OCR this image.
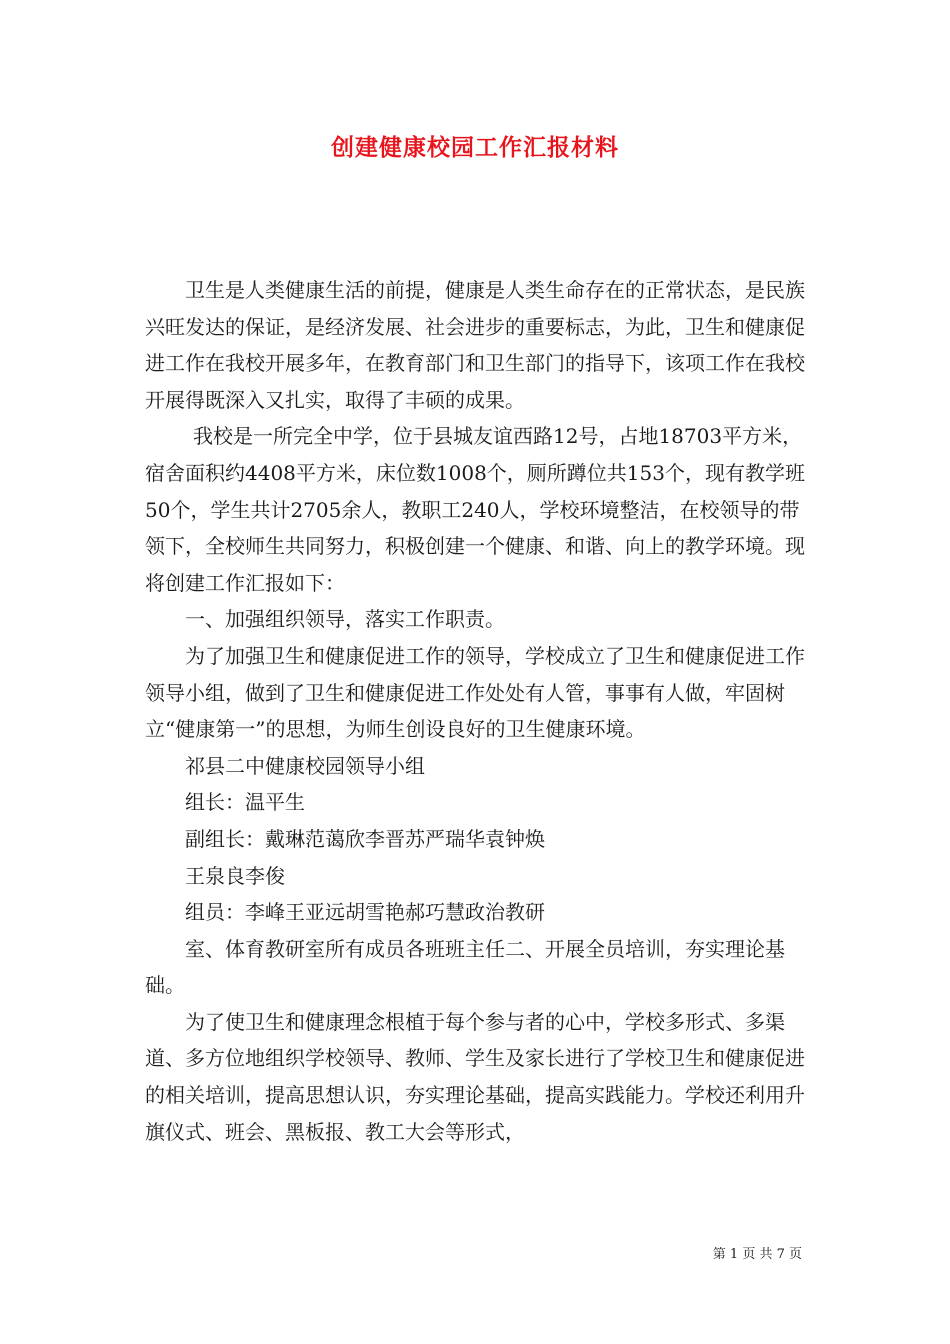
创建健康校园工作汇报材料

卫生是人类健康生活的前提，健康是人类生命存在的正常状态，是民族兴旺发达的保证，是经济发展、社会进步的重要标志，为此，卫生和健康促进工作在我校开展多年，在教育部门和卫生部门的指导下，该项工作在我校开展得既深入又扎实，取得了丰硕的成果。

我校是一所完全中学，位于县城友谊西路12号，占地18703平方米，宿舍面积约4408平方米，床位数1008个，厕所蹲位共153个，现有教学班50个，学生共计2705余人，教职工240人，学校环境整洁，在校领导的带领下，全校师生共同努力，积极创建一个健康、和谐、向上的教学环境。现将创建工作汇报如下：

一、加强组织领导，落实工作职责。

为了加强卫生和健康促进工作的领导，学校成立了卫生和健康促进工作领导小组，做到了卫生和健康促进工作处处有人管，事事有人做，牢固树立“健康第一”的思想，为师生创设良好的卫生健康环境。

祁县二中健康校园领导小组

组长：温平生

副组长：戴琳范蔼欣李晋苏严瑞华袁钟焕

王泉良李俊

组员：李峰王亚远胡雪艳郝巧慧政治教研

室、体育教研室所有成员各班班主任二、开展全员培训，夯实理论基础。

为了使卫生和健康理念根植于每个参与者的心中，学校多形式、多渠道、多方位地组织学校领导、教师、学生及家长进行了学校卫生和健康促进的相关培训，提高思想认识，夯实理论基础，提高实践能力。学校还利用升旗仪式、班会、黑板报、教工大会等形式，

第 1 页 共 7 页
